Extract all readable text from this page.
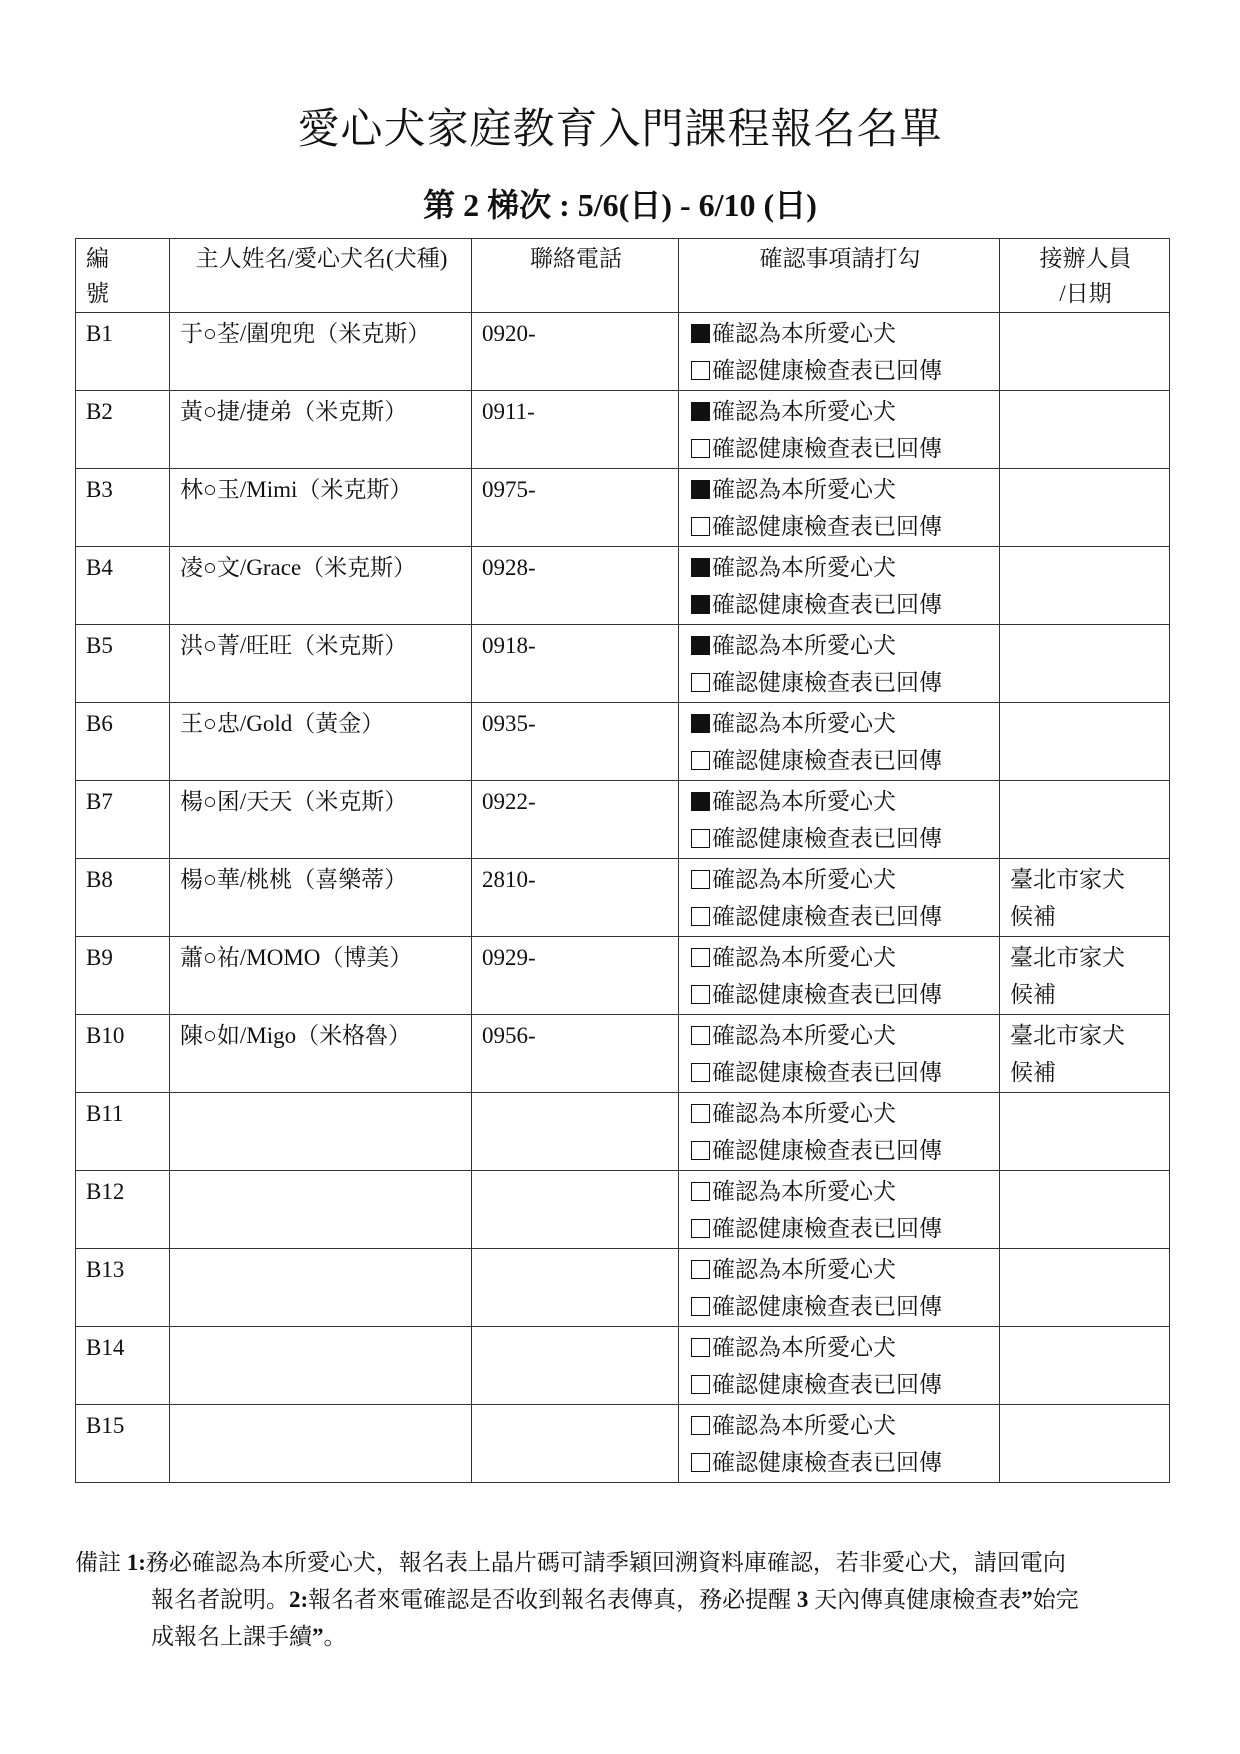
愛心犬家庭教育入門課程報名名單
第 2 梯次 : 5/6(日) - 6/10 (日)
編
號	主人姓名/愛心犬名(犬種)	聯絡電話	確認事項請打勾	接辦人員
/日期

B1	于○荃/圍兜兜（米克斯）	0920-	確認為本所愛心犬
確認健康檢查表已回傳	

B2	黃○捷/捷弟（米克斯）	0911-	確認為本所愛心犬
確認健康檢查表已回傳	

B3	林○玉/Mimi（米克斯）	0975-	確認為本所愛心犬
確認健康檢查表已回傳	

B4	凌○文/Grace（米克斯）	0928-	確認為本所愛心犬
確認健康檢查表已回傳	

B5	洪○菁/旺旺（米克斯）	0918-	確認為本所愛心犬
確認健康檢查表已回傳	

B6	王○忠/Gold（黃金）	0935-	確認為本所愛心犬
確認健康檢查表已回傳	

B7	楊○囷/天天（米克斯）	0922-	確認為本所愛心犬
確認健康檢查表已回傳	

B8	楊○華/桃桃（喜樂蒂）	2810-	確認為本所愛心犬
確認健康檢查表已回傳	臺北市家犬
候補

B9	蕭○祐/MOMO（博美）	0929-	確認為本所愛心犬
確認健康檢查表已回傳	臺北市家犬
候補

B10	陳○如/Migo（米格魯）	0956-	確認為本所愛心犬
確認健康檢查表已回傳	臺北市家犬
候補

B11			確認為本所愛心犬
確認健康檢查表已回傳	

B12			確認為本所愛心犬
確認健康檢查表已回傳	

B13			確認為本所愛心犬
確認健康檢查表已回傳	

B14			確認為本所愛心犬
確認健康檢查表已回傳	

B15			確認為本所愛心犬
確認健康檢查表已回傳	

備註 1:務必確認為本所愛心犬，報名表上晶片碼可請季穎回溯資料庫確認，若非愛心犬，請回電向
報名者說明。2:報名者來電確認是否收到報名表傳真，務必提醒 3 天內傳真健康檢查表”始完
成報名上課手續”。
